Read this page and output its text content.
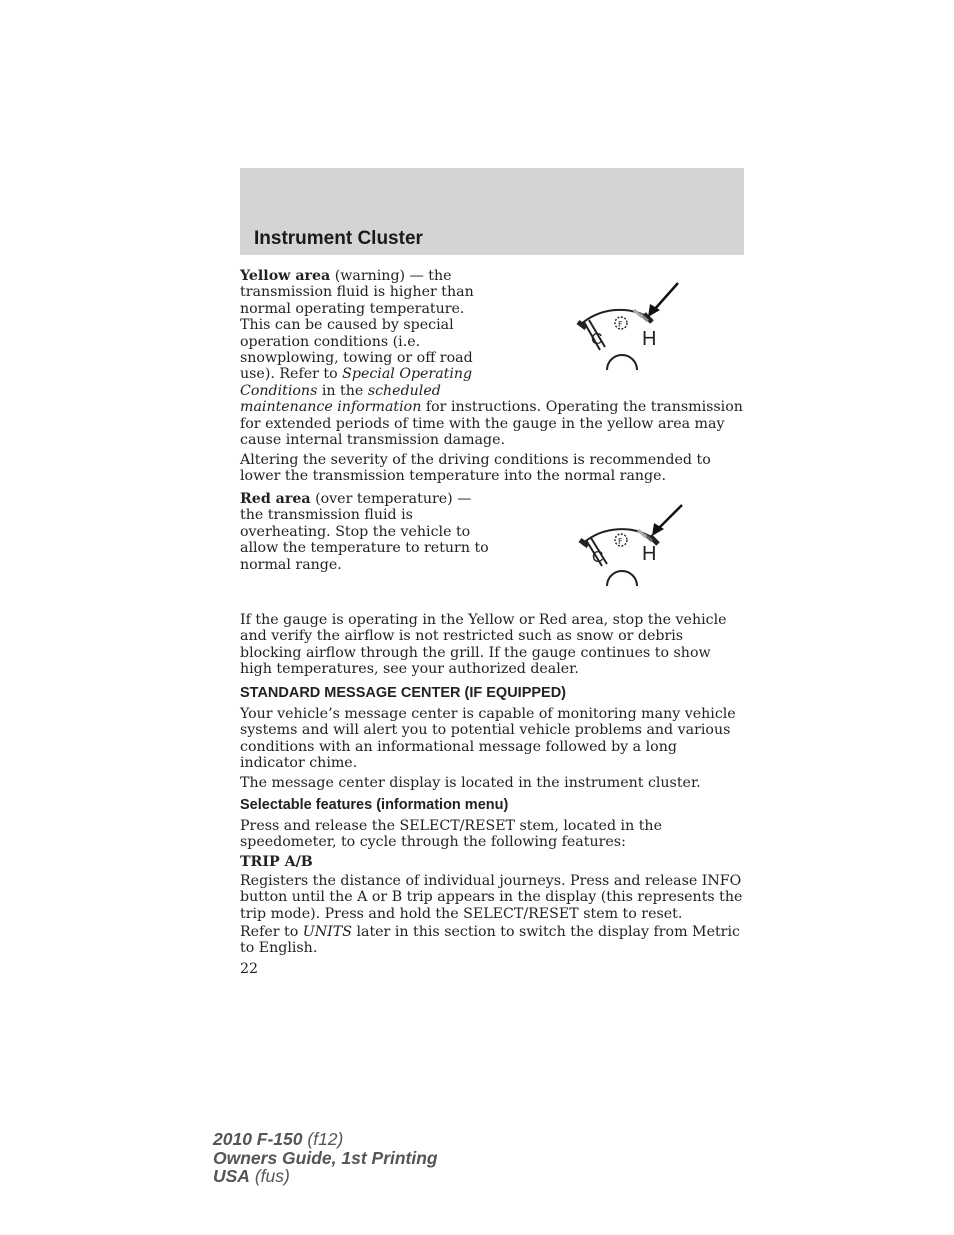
Instrument Cluster

Yellow area (warning) — the transmission fluid is higher than normal operating temperature. This can be caused by special operation conditions (i.e. snowplowing, towing or off road use). Refer to Special Operating Conditions in the scheduled maintenance information for instructions. Operating the transmission for extended periods of time with the gauge in the yellow area may cause internal transmission damage.
F
C H

Altering the severity of the driving conditions is recommended to lower the transmission temperature into the normal range.

Red area (over temperature) — the transmission fluid is overheating. Stop the vehicle to allow the temperature to return to normal range.

F
C H

If the gauge is operating in the Yellow or Red area, stop the vehicle and verify the airflow is not restricted such as snow or debris blocking airflow through the grill. If the gauge continues to show high temperatures, see your authorized dealer.

STANDARD MESSAGE CENTER (IF EQUIPPED)

Your vehicle’s message center is capable of monitoring many vehicle systems and will alert you to potential vehicle problems and various conditions with an informational message followed by a long indicator chime.

The message center display is located in the instrument cluster.

Selectable features (information menu)

Press and release the SELECT/RESET stem, located in the speedometer, to cycle through the following features:

TRIP A/B

Registers the distance of individual journeys. Press and release INFO button until the A or B trip appears in the display (this represents the trip mode). Press and hold the SELECT/RESET stem to reset.

Refer to UNITS later in this section to switch the display from Metric to English.

22
2010 F-150 (f12)
Owners Guide, 1st Printing
USA (fus)
